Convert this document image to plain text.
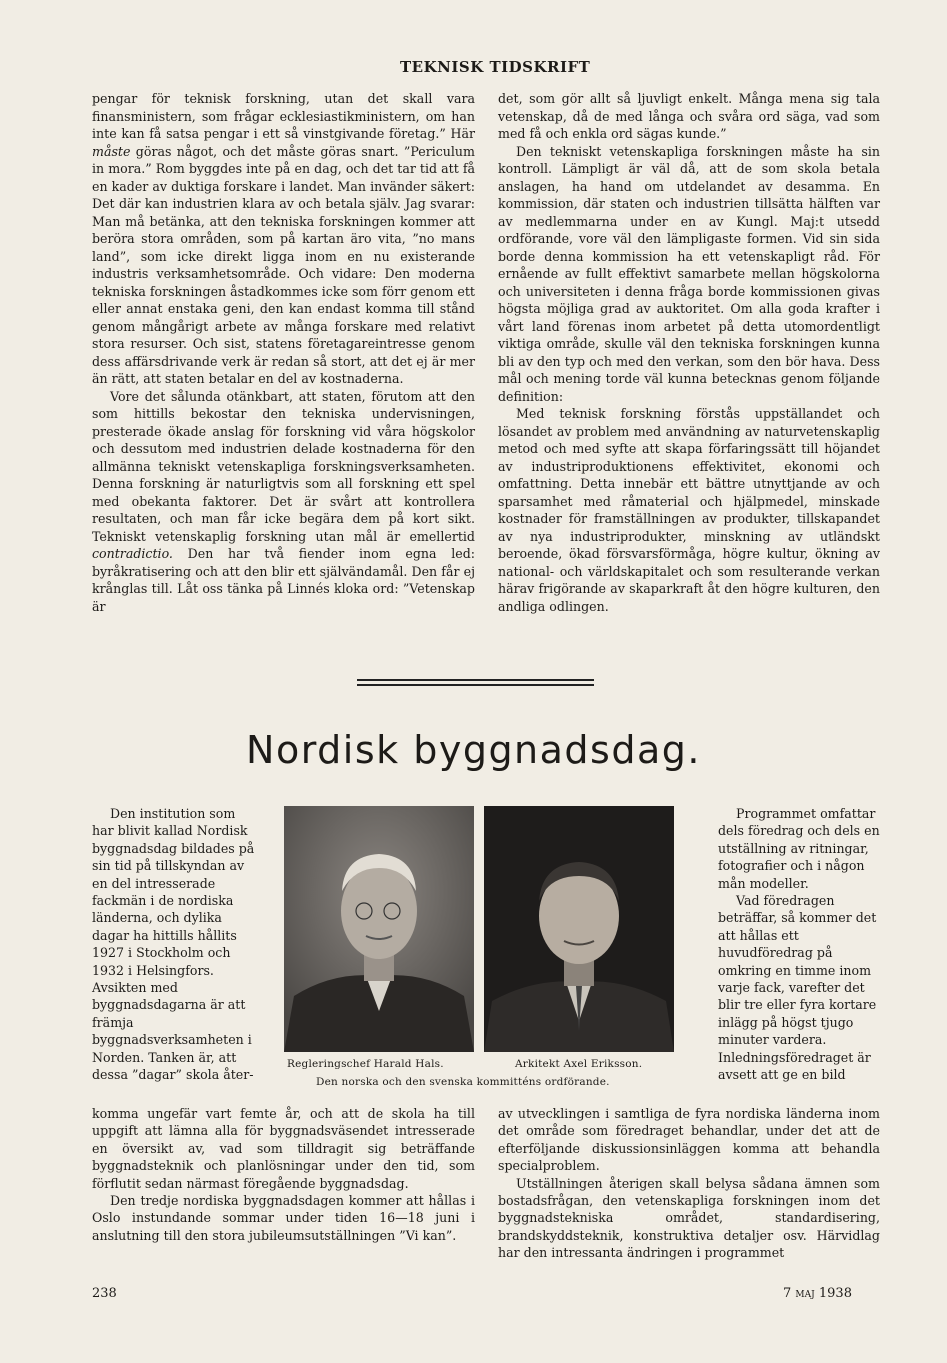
TEKNISK TIDSKRIFT

pengar för teknisk forskning, utan det skall vara finansministern, som frågar ecklesiastikministern, om han inte kan få satsa pengar i ett så vinstgivande företag.” Här måste göras något, och det måste göras snart. ”Periculum in mora.” Rom byggdes inte på en dag, och det tar tid att få en kader av duktiga forskare i landet. Man invänder säkert: Det där kan industrien klara av och betala själv. Jag svarar: Man må betänka, att den tekniska forskningen kommer att beröra stora områden, som på kartan äro vita, ”no mans land”, som icke direkt ligga inom en nu existerande industris verksamhetsområde. Och vidare: Den moderna tekniska forskningen åstadkommes icke som förr genom ett eller annat enstaka geni, den kan endast komma till stånd genom mångårigt arbete av många forskare med relativt stora resurser. Och sist, statens företagareintresse genom dess affärsdrivande verk är redan så stort, att det ej är mer än rätt, att staten betalar en del av kostnaderna.

Vore det sålunda otänkbart, att staten, förutom att den som hittills bekostar den tekniska undervisningen, presterade ökade anslag för forskning vid våra högskolor och dessutom med industrien delade kostnaderna för den allmänna tekniskt vetenskapliga forskningsverksamheten. Denna forskning är naturligtvis som all forskning ett spel med obekanta faktorer. Det är svårt att kontrollera resultaten, och man får icke begära dem på kort sikt. Tekniskt vetenskaplig forskning utan mål är emellertid contradictio. Den har två fiender inom egna led: byråkratisering och att den blir ett självändamål. Den får ej krånglas till. Låt oss tänka på Linnés kloka ord: ”Vetenskap är

det, som gör allt så ljuvligt enkelt. Många mena sig tala vetenskap, då de med långa och svåra ord säga, vad som med få och enkla ord sägas kunde.”

Den tekniskt vetenskapliga forskningen måste ha sin kontroll. Lämpligt är väl då, att de som skola betala anslagen, ha hand om utdelandet av desamma. En kommission, där staten och industrien tillsätta hälften var av medlemmarna under en av Kungl. Maj:t utsedd ordförande, vore väl den lämpligaste formen. Vid sin sida borde denna kommission ha ett vetenskapligt råd. För ernående av fullt effektivt samarbete mellan högskolorna och universiteten i denna fråga borde kommissionen givas högsta möjliga grad av auktoritet. Om alla goda krafter i vårt land förenas inom arbetet på detta utomordentligt viktiga område, skulle väl den tekniska forskningen kunna bli av den typ och med den verkan, som den bör hava. Dess mål och mening torde väl kunna betecknas genom följande definition:

Med teknisk forskning förstås uppställandet och lösandet av problem med användning av naturvetenskaplig metod och med syfte att skapa förfaringssätt till höjandet av industriproduktionens effektivitet, ekonomi och omfattning. Detta innebär ett bättre utnyttjande av och sparsamhet med råmaterial och hjälpmedel, minskade kostnader för framställningen av produkter, tillskapandet av nya industriprodukter, minskning av utländskt beroende, ökad försvarsförmåga, högre kultur, ökning av national- och världskapitalet och som resulterande verkan härav frigörande av skaparkraft åt den högre kulturen, den andliga odlingen.

Nordisk byggnadsdag.

Den institution som har blivit kallad Nordisk byggnadsdag bildades på sin tid på tillskyndan av en del intresserade fackmän i de nordiska länderna, och dylika dagar ha hittills hållits 1927 i Stockholm och 1932 i Helsingfors. Avsikten med byggnadsdagarna är att främja byggnadsverksamheten i Norden. Tanken är, att dessa ”dagar” skola åter-

Regleringschef Harald Hals.	Arkitekt Axel Eriksson.
Den norska och den svenska kommitténs ordförande.

Programmet omfattar dels föredrag och dels en utställning av ritningar, fotografier och i någon mån modeller.

Vad föredragen beträffar, så kommer det att hållas ett huvudföredrag på omkring en timme inom varje fack, varefter det blir tre eller fyra kortare inlägg på högst tjugo minuter vardera. Inledningsföredraget är avsett att ge en bild

komma ungefär vart femte år, och att de skola ha till uppgift att lämna alla för byggnadsväsendet intresserade en översikt av, vad som tilldragit sig beträffande byggnadsteknik och planlösningar under den tid, som förflutit sedan närmast föregående byggnadsdag.

Den tredje nordiska byggnadsdagen kommer att hållas i Oslo instundande sommar under tiden 16—18 juni i anslutning till den stora jubileumsutställningen ”Vi kan”.

av utvecklingen i samtliga de fyra nordiska länderna inom det område som föredraget behandlar, under det att de efterföljande diskussionsinläggen komma att behandla specialproblem.

Utställningen återigen skall belysa sådana ämnen som bostadsfrågan, den vetenskapliga forskningen inom det byggnadstekniska området, standardisering, brandskyddsteknik, konstruktiva detaljer osv. Härvidlag har den intressanta ändringen i programmet

238	7 maj 1938
